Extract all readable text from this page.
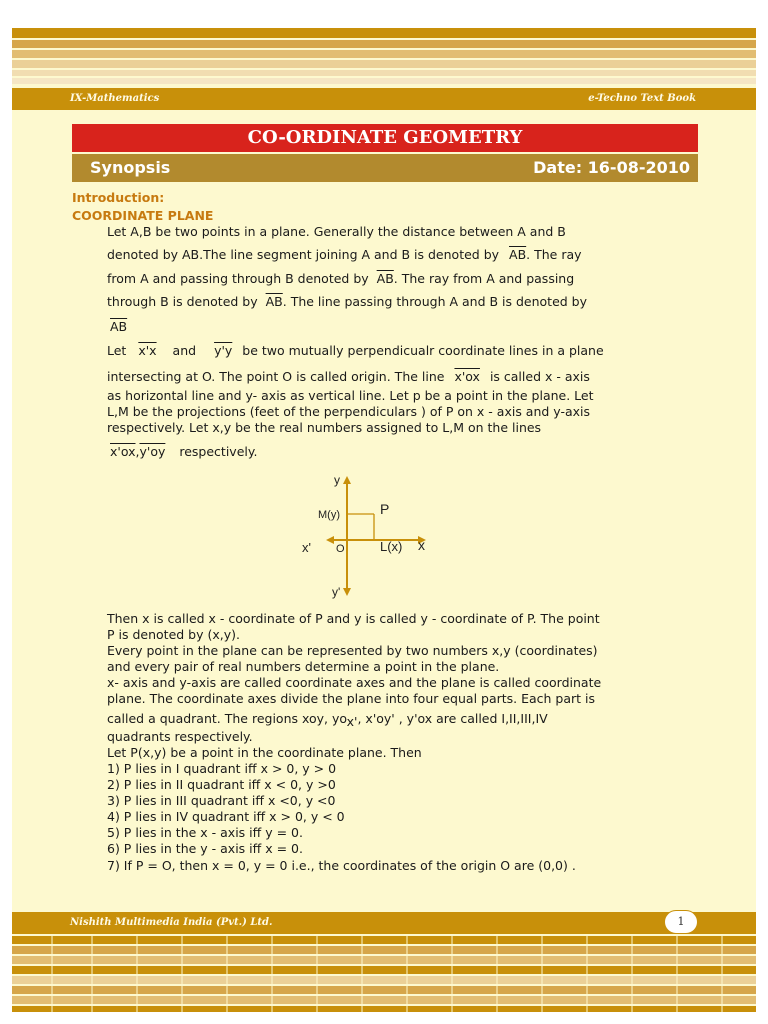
IX-Mathematics	e-Techno Text Book
CO-ORDINATE GEOMETRY
Synopsis	Date: 16-08-2010
Introduction:
COORDINATE PLANE
Let A,B be two points in a plane. Generally the distance between A and B
denoted by AB.The line segment joining A and B is denoted by $\overline{AB}$. The ray
from A and passing through B denoted by $\overline{AB}$. The ray from A and passing
through B is denoted by $\overline{AB}$. The line passing through A and B is denoted by
$\overline{AB}$
Let x'x and y'y be two mutually perpendicualr coordinate lines in a plane
intersecting at O. The point O is called origin. The line x'ox is called x - axis
as horizontal line and y- axis as vertical line. Let p be a point in the plane. Let
L,M be the projections (feet of the perpendiculars ) of P on x - axis and y-axis
respectively. Let x,y be the real numbers assigned to L,M on the lines
x'ox,y'oy respectively.
y
y'
x'	x
O
M(y)
L(x)
P
Then x is called x - coordinate of P and y is called y - coordinate of P. The point
P is denoted by (x,y).
Every point in the plane can be represented by two numbers x,y (coordinates)
and every pair of real numbers determine a point in the plane.
x- axis and y-axis are called coordinate axes and the plane is called coordinate
plane. The coordinate axes divide the plane into four equal parts. Each part is
called a quadrant. The regions xoy, yox', x'oy' , y'ox are called I,II,III,IV
quadrants respectively.
Let P(x,y) be a point in the coordinate plane. Then
1) P lies in I quadrant iff x > 0, y > 0
2) P lies in II quadrant iff x < 0, y >0
3) P lies in III quadrant iff x <0, y <0
4) P lies in IV quadrant iff x > 0, y < 0
5) P lies in the x - axis iff y = 0.
6) P lies in the y - axis iff x = 0.
7) If P = O, then x = 0, y = 0 i.e., the coordinates of the origin O are (0,0) .
Nishith Multimedia India (Pvt.) Ltd.	1
